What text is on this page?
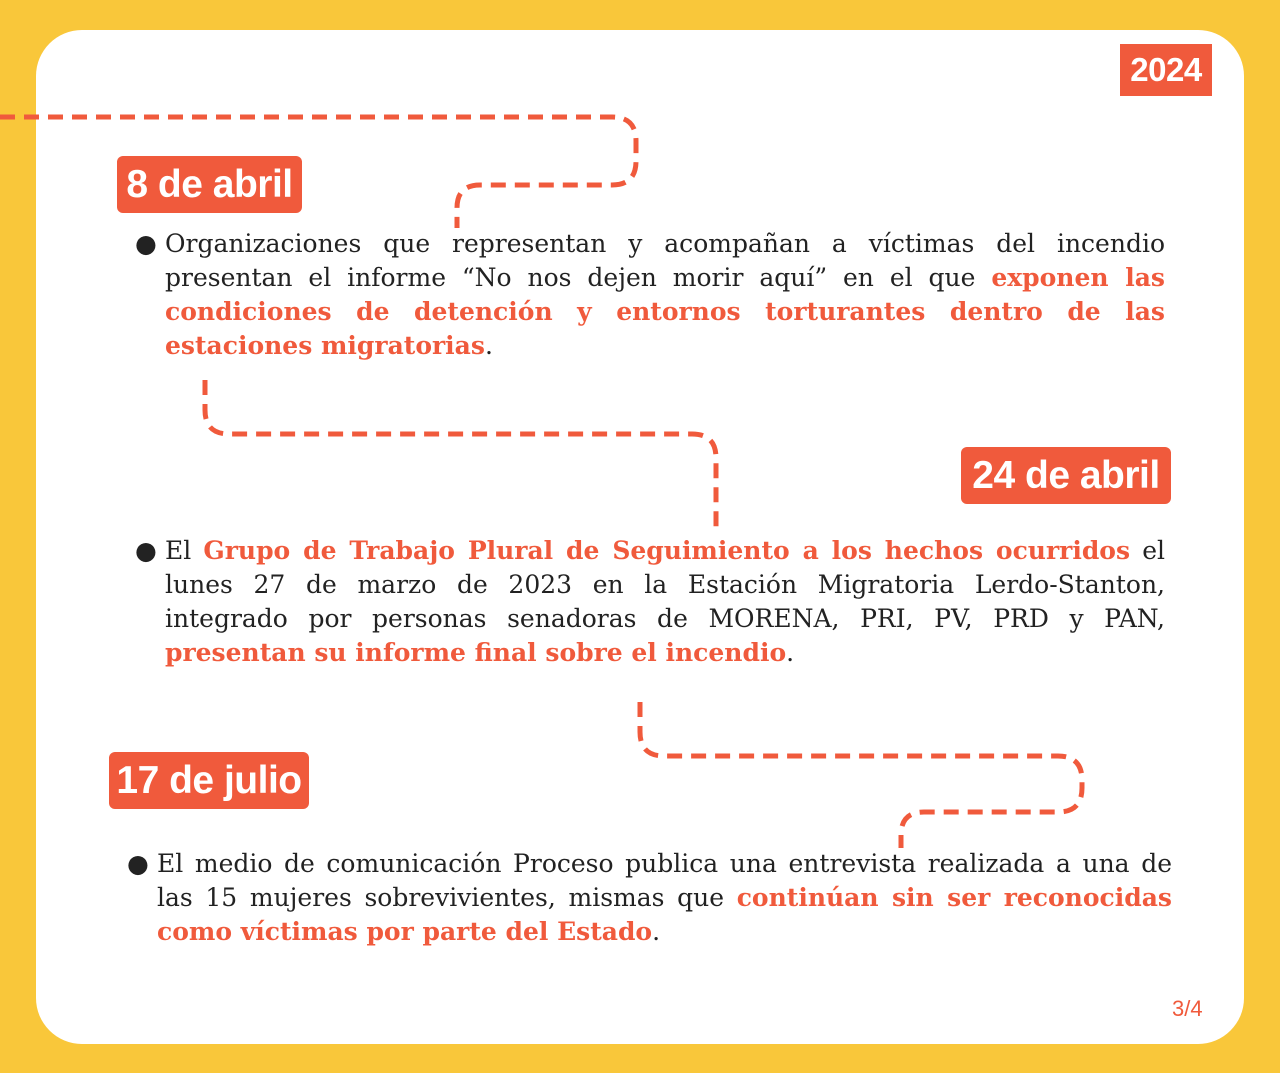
2024
8 de abril
● Organizaciones que representan y acompañan a víctimas del incendio presentan el informe “No nos dejen morir aquí” en el que exponen las condiciones de detención y entornos torturantes dentro de las estaciones migratorias.
24 de abril
● El Grupo de Trabajo Plural de Seguimiento a los hechos ocurridos el lunes 27 de marzo de 2023 en la Estación Migratoria Lerdo-Stanton, integrado por personas senadoras de MORENA, PRI, PV, PRD y PAN, presentan su informe final sobre el incendio.
17 de julio
● El medio de comunicación Proceso publica una entrevista realizada a una de las 15 mujeres sobrevivientes, mismas que continúan sin ser reconocidas como víctimas por parte del Estado.
3/4
